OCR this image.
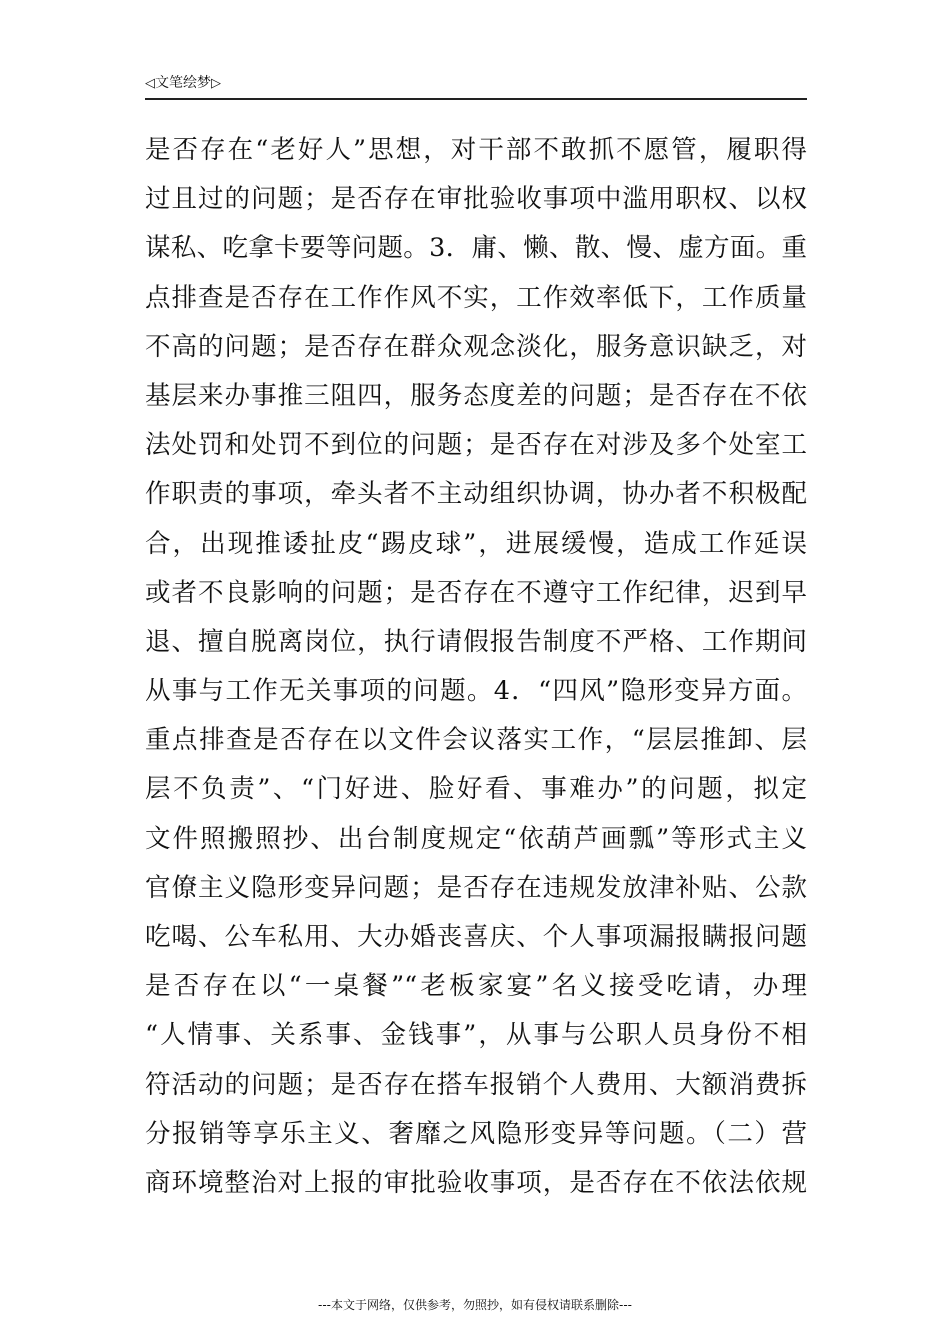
◁文笔绘梦▷
是否存在“老好人”思想，对干部不敢抓不愿管，履职得
过且过的问题；是否存在审批验收事项中滥用职权、以权
谋私、吃拿卡要等问题。3．庸、懒、散、慢、虚方面。重
点排查是否存在工作作风不实，工作效率低下，工作质量
不高的问题；是否存在群众观念淡化，服务意识缺乏，对
基层来办事推三阻四，服务态度差的问题；是否存在不依
法处罚和处罚不到位的问题；是否存在对涉及多个处室工
作职责的事项，牵头者不主动组织协调，协办者不积极配
合，出现推诿扯皮“踢皮球”，进展缓慢，造成工作延误
或者不良影响的问题；是否存在不遵守工作纪律，迟到早
退、擅自脱离岗位，执行请假报告制度不严格、工作期间
从事与工作无关事项的问题。4．“四风”隐形变异方面。
重点排查是否存在以文件会议落实工作，“层层推卸、层
层不负责”、“门好进、脸好看、事难办”的问题，拟定
文件照搬照抄、出台制度规定“依葫芦画瓢”等形式主义
官僚主义隐形变异问题；是否存在违规发放津补贴、公款
吃喝、公车私用、大办婚丧喜庆、个人事项漏报瞒报问题
是否存在以“一桌餐”“老板家宴”名义接受吃请，办理
“人情事、关系事、金钱事”，从事与公职人员身份不相
符活动的问题；是否存在搭车报销个人费用、大额消费拆
分报销等享乐主义、奢靡之风隐形变异等问题。（二）营
商环境整治对上报的审批验收事项，是否存在不依法依规
---本文于网络，仅供参考，勿照抄，如有侵权请联系删除---
